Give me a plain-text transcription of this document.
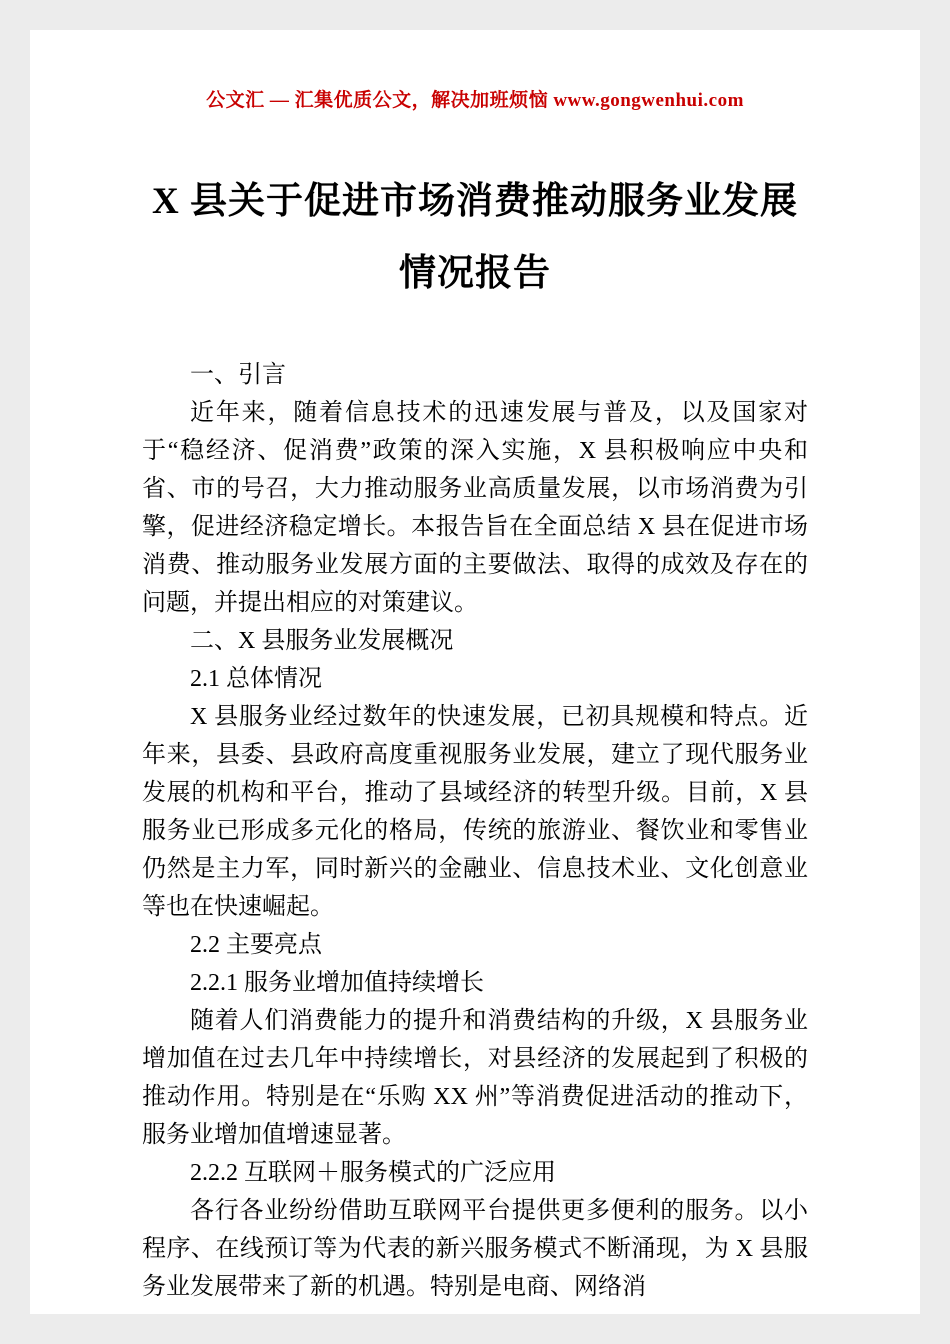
公文汇 — 汇集优质公文，解决加班烦恼 www.gongwenhui.com
X 县关于促进市场消费推动服务业发展情况报告

一、引言

近年来，随着信息技术的迅速发展与普及，以及国家对于“稳经济、促消费”政策的深入实施，X 县积极响应中央和省、市的号召，大力推动服务业高质量发展，以市场消费为引擎，促进经济稳定增长。本报告旨在全面总结 X 县在促进市场消费、推动服务业发展方面的主要做法、取得的成效及存在的问题，并提出相应的对策建议。

二、X 县服务业发展概况

2.1 总体情况

X 县服务业经过数年的快速发展，已初具规模和特点。近年来，县委、县政府高度重视服务业发展，建立了现代服务业发展的机构和平台，推动了县域经济的转型升级。目前，X 县服务业已形成多元化的格局，传统的旅游业、餐饮业和零售业仍然是主力军，同时新兴的金融业、信息技术业、文化创意业等也在快速崛起。

2.2 主要亮点

2.2.1 服务业增加值持续增长

随着人们消费能力的提升和消费结构的升级，X 县服务业增加值在过去几年中持续增长，对县经济的发展起到了积极的推动作用。特别是在“乐购 XX 州”等消费促进活动的推动下，服务业增加值增速显著。

2.2.2 互联网＋服务模式的广泛应用

各行各业纷纷借助互联网平台提供更多便利的服务。以小程序、在线预订等为代表的新兴服务模式不断涌现，为 X 县服务业发展带来了新的机遇。特别是电商、网络消
